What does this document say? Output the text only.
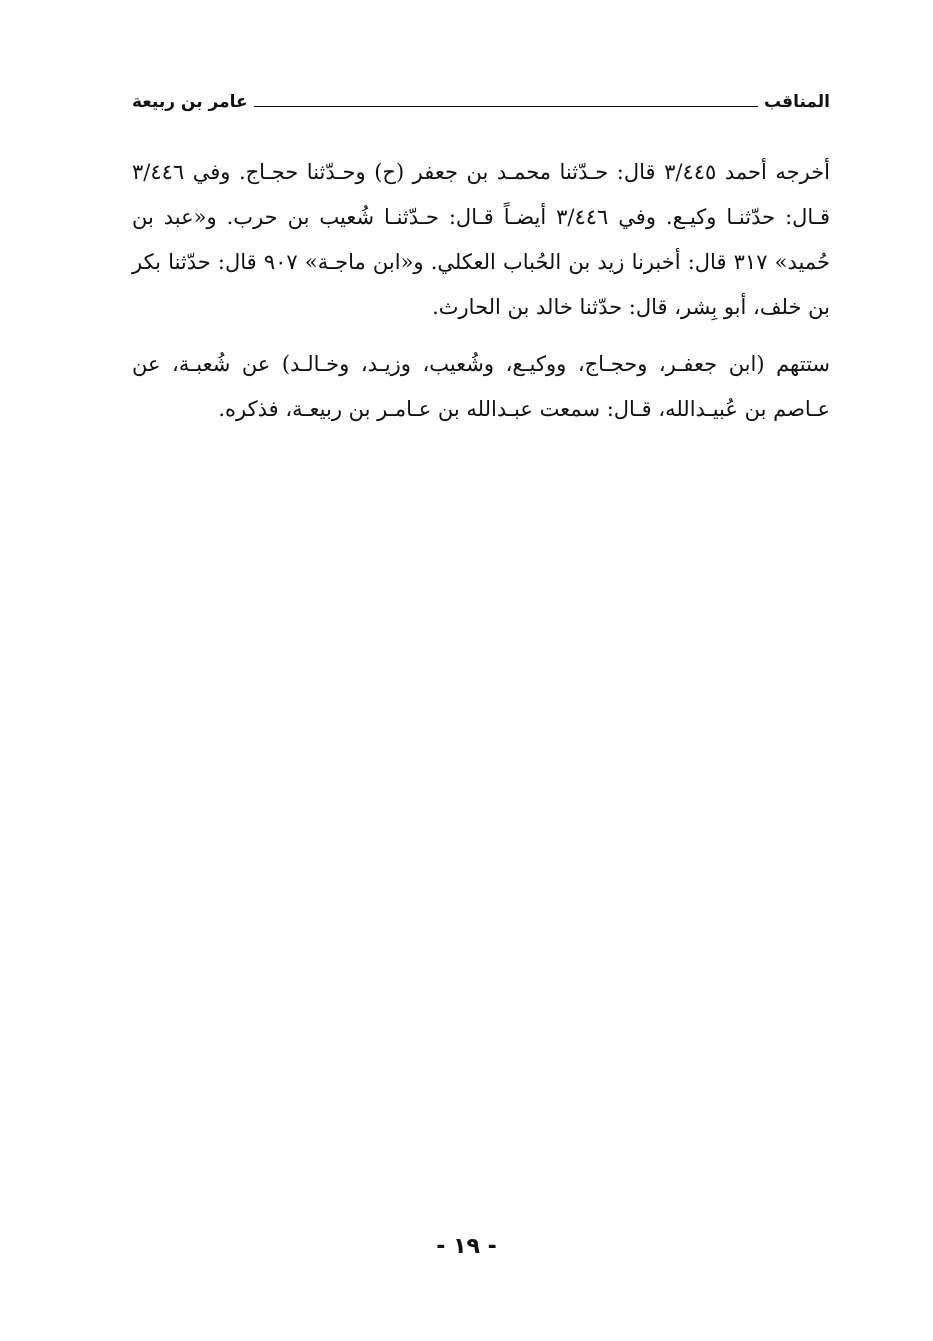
المناقب
عامر بن ربيعة

أخرجه أحمد ٣/٤٤٥ قال: حـدّثنا محمـد بن جعفر (ح) وحـدّثنا حجـاج. وفي ٣/٤٤٦ قـال: حدّثنـا وكيـع. وفي ٣/٤٤٦ أيضـاً قـال: حـدّثنـا شُعيب بن حرب. و«عبد بن حُميد» ٣١٧ قال: أخبرنا زيد بن الحُباب العكلي. و«ابن ماجـة» ٩٠٧ قال: حدّثنا بكر بن خلف، أبو بِشر، قال: حدّثنا خالد بن الحارث.

ستتهم (ابن جعفـر، وحجـاج، ووكيـع، وشُعيب، وزيـد، وخـالـد) عن شُعبـة، عن عـاصم بن عُبيـدالله، قـال: سمعت عبـدالله بن عـامـر بن ربيعـة، فذكره.

- ١٩ -
